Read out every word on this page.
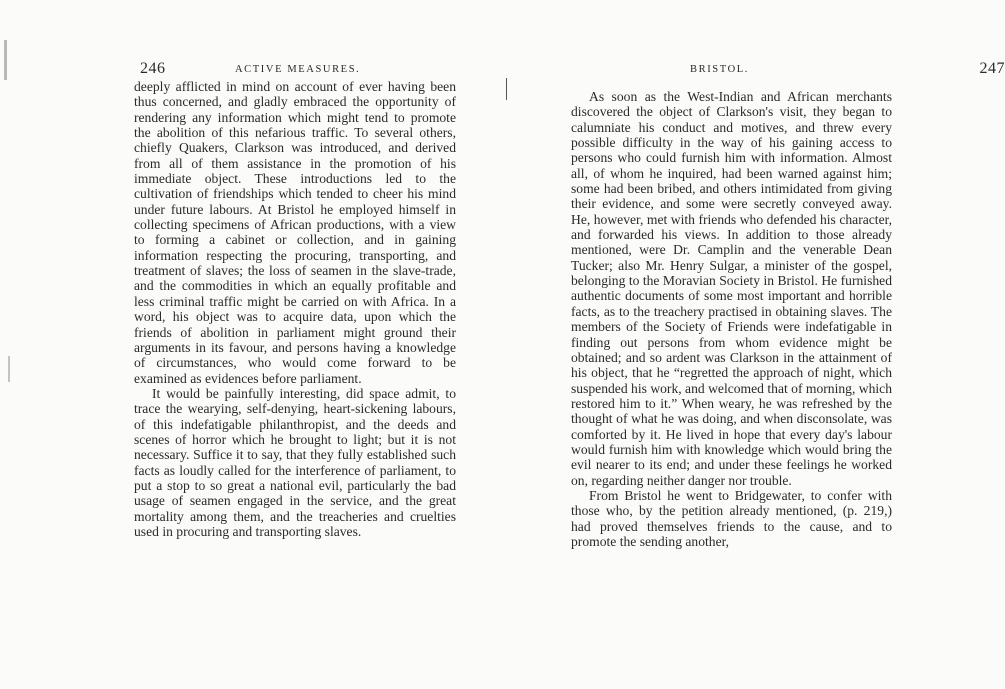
246	ACTIVE MEASURES.

deeply afflicted in mind on account of ever having been thus concerned, and gladly embraced the opportunity of rendering any information which might tend to promote the abolition of this nefarious traffic. To several others, chiefly Quakers, Clarkson was introduced, and derived from all of them assistance in the promotion of his immediate object. These introductions led to the cultivation of friendships which tended to cheer his mind under future labours. At Bristol he employed himself in collecting specimens of African productions, with a view to forming a cabinet or collection, and in gaining information respecting the procuring, transporting, and treatment of slaves; the loss of seamen in the slave-trade, and the commodities in which an equally profitable and less criminal traffic might be carried on with Africa. In a word, his object was to acquire data, upon which the friends of abolition in parliament might ground their arguments in its favour, and persons having a knowledge of circumstances, who would come forward to be examined as evidences before parliament.

It would be painfully interesting, did space admit, to trace the wearying, self-denying, heart-sickening labours, of this indefatigable philanthropist, and the deeds and scenes of horror which he brought to light; but it is not necessary. Suffice it to say, that they fully established such facts as loudly called for the interference of parliament, to put a stop to so great a national evil, particularly the bad usage of seamen engaged in the service, and the great mortality among them, and the treacheries and cruelties used in procuring and transporting slaves.

BRISTOL.	247

As soon as the West-Indian and African merchants discovered the object of Clarkson's visit, they began to calumniate his conduct and motives, and threw every possible difficulty in the way of his gaining access to persons who could furnish him with information. Almost all, of whom he inquired, had been warned against him; some had been bribed, and others intimidated from giving their evidence, and some were secretly conveyed away. He, however, met with friends who defended his character, and forwarded his views. In addition to those already mentioned, were Dr. Camplin and the venerable Dean Tucker; also Mr. Henry Sulgar, a minister of the gospel, belonging to the Moravian Society in Bristol. He furnished authentic documents of some most important and horrible facts, as to the treachery practised in obtaining slaves. The members of the Society of Friends were indefatigable in finding out persons from whom evidence might be obtained; and so ardent was Clarkson in the attainment of his object, that he “regretted the approach of night, which suspended his work, and welcomed that of morning, which restored him to it.” When weary, he was refreshed by the thought of what he was doing, and when disconsolate, was comforted by it. He lived in hope that every day's labour would furnish him with knowledge which would bring the evil nearer to its end; and under these feelings he worked on, regarding neither danger nor trouble.

From Bristol he went to Bridgewater, to confer with those who, by the petition already mentioned, (p. 219,) had proved themselves friends to the cause, and to promote the sending another,
